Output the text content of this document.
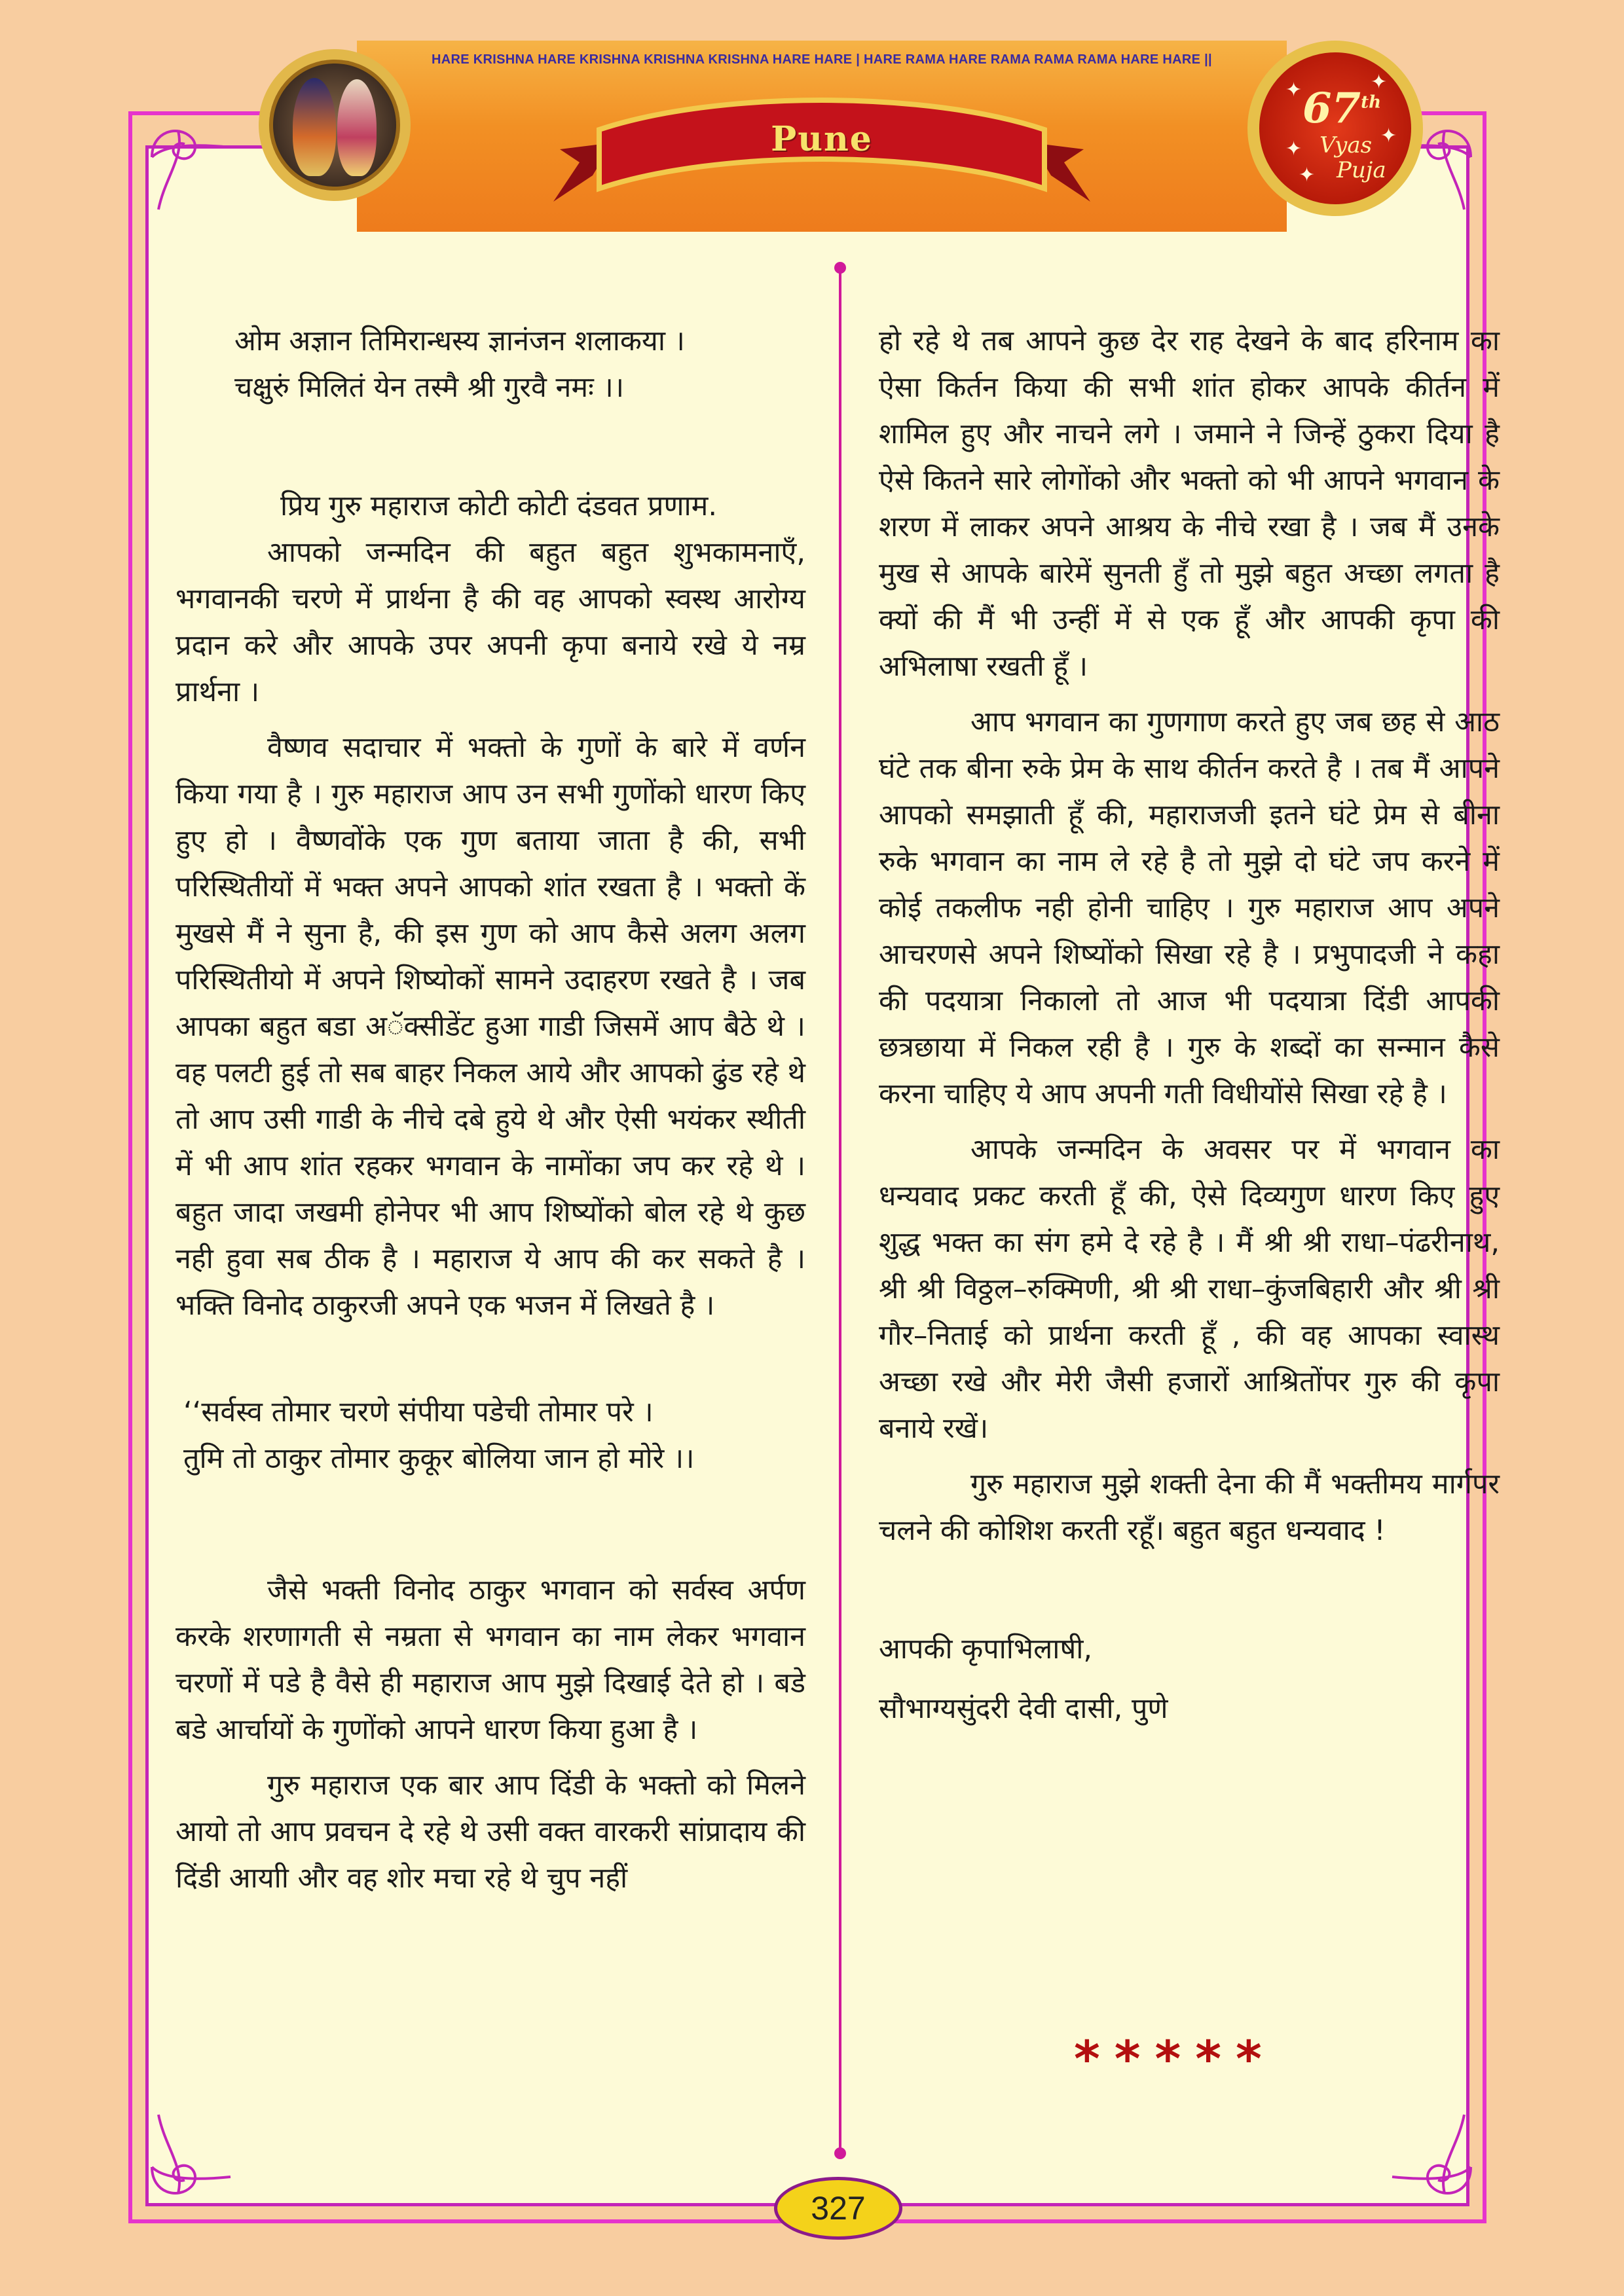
HARE KRISHNA HARE KRISHNA KRISHNA KRISHNA HARE HARE | HARE RAMA HARE RAMA RAMA RAMA HARE HARE ||
Pune
67th
Vyas
Puja
✦	✦
✦
✦
✦

ओम अज्ञान तिमिरान्धस्य ज्ञानंजन शलाकया ।

चक्षुरुं मिलितं येन तस्मै श्री गुरवै नमः ।।

प्रिय गुरु महाराज कोटी कोटी दंडवत प्रणाम.

आपको जन्मदिन की बहुत बहुत शुभकामनाएँ, भगवानकी चरणे में प्रार्थना है की वह आपको स्वस्थ आरोग्य प्रदान करे और आपके उपर अपनी कृपा बनाये रखे ये नम्र प्रार्थना ।

वैष्णव सदाचार में भक्तो के गुणों के बारे में वर्णन किया गया है । गुरु महाराज आप उन सभी गुणोंको धारण किए हुए हो । वैष्णवोंके एक गुण बताया जाता है की, सभी परिस्थितीयों में भक्त अपने आपको शांत रखता है । भक्तो कें मुखसे मैं ने सुना है, की इस गुण को आप कैसे अलग अलग परिस्थितीयो में अपने शिष्योकों सामने उदाहरण रखते है । जब आपका बहुत बडा अॅक्सीडेंट हुआ गाडी जिसमें आप बैठे थे । वह पलटी हुई तो सब बाहर निकल आये और आपको ढुंड रहे थे तो आप उसी गाडी के नीचे दबे हुये थे और ऐसी भयंकर स्थीती में भी आप शांत रहकर भगवान के नामोंका जप कर रहे थे । बहुत जादा जखमी होनेपर भी आप शिष्योंको बोल रहे थे कुछ नही हुवा सब ठीक है । महाराज ये आप की कर सकते है । भक्ति विनोद ठाकुरजी अपने एक भजन में लिखते है ।

‘‘सर्वस्व तोमार चरणे संपीया पडेची तोमार परे ।

तुमि तो ठाकुर तोमार कुकूर बोलिया जान हो मोरे ।।

जैसे भक्ती विनोद ठाकुर भगवान को सर्वस्व अर्पण करके शरणागती से नम्रता से भगवान का नाम लेकर भगवान चरणों में पडे है वैसे ही महाराज आप मुझे दिखाई देते हो । बडे बडे आर्चायों के गुणोंको आपने धारण किया हुआ है ।

गुरु महाराज एक बार आप दिंडी के भक्तो को मिलने आयो तो आप प्रवचन दे रहे थे उसी वक्त वारकरी सांप्रादाय की दिंडी आयाी और वह शोर मचा रहे थे चुप नहीं

हो रहे थे तब आपने कुछ देर राह देखने के बाद हरिनाम का ऐसा किर्तन किया की सभी शांत होकर आपके कीर्तन में शामिल हुए और नाचने लगे । जमाने ने जिन्हें ठुकरा दिया है ऐसे कितने सारे लोगोंको और भक्तो को भी आपने भगवान के शरण में लाकर अपने आश्रय के नीचे रखा है । जब मैं उनके मुख से आपके बारेमें सुनती हुँ तो मुझे बहुत अच्छा लगता है क्यों की मैं भी उन्हीं में से एक हूँ और आपकी कृपा की अभिलाषा रखती हूँ ।

आप भगवान का गुणगाण करते हुए जब छह से आठ घंटे तक बीना रुके प्रेम के साथ कीर्तन करते है । तब मैं आपने आपको समझाती हूँ की, महाराजजी इतने घंटे प्रेम से बीना रुके भगवान का नाम ले रहे है तो मुझे दो घंटे जप करने में कोई तकलीफ नही होनी चाहिए । गुरु महाराज आप अपने आचरणसे अपने शिष्योंको सिखा रहे है । प्रभुपादजी ने कहा की पदयात्रा निकालो तो आज भी पदयात्रा दिंडी आपकी छत्रछाया में निकल रही है । गुरु के शब्दों का सन्मान कैसे करना चाहिए ये आप अपनी गती विधीयोंसे सिखा रहे है ।

आपके जन्मदिन के अवसर पर में भगवान का धन्यवाद प्रकट करती हूँ की, ऐसे दिव्यगुण धारण किए हुए शुद्ध भक्त का संग हमे दे रहे है । मैं श्री श्री राधा–पंढरीनाथ, श्री श्री विठ्ठल–रुक्मिणी, श्री श्री राधा–कुंजबिहारी और श्री श्री गौर–निताई को प्रार्थना करती हूँ , की वह आपका स्वास्थ अच्छा रखे और मेरी जैसी हजारों आश्रितोंपर गुरु की कृपा बनाये रखें।

गुरु महाराज मुझे शक्ती देना की मैं भक्तीमय मार्गपर चलने की कोशिश करती रहूँ। बहुत बहुत धन्यवाद !

आपकी कृपाभिलाषी,

सौभाग्यसुंदरी देवी दासी, पुणे

*****
327
